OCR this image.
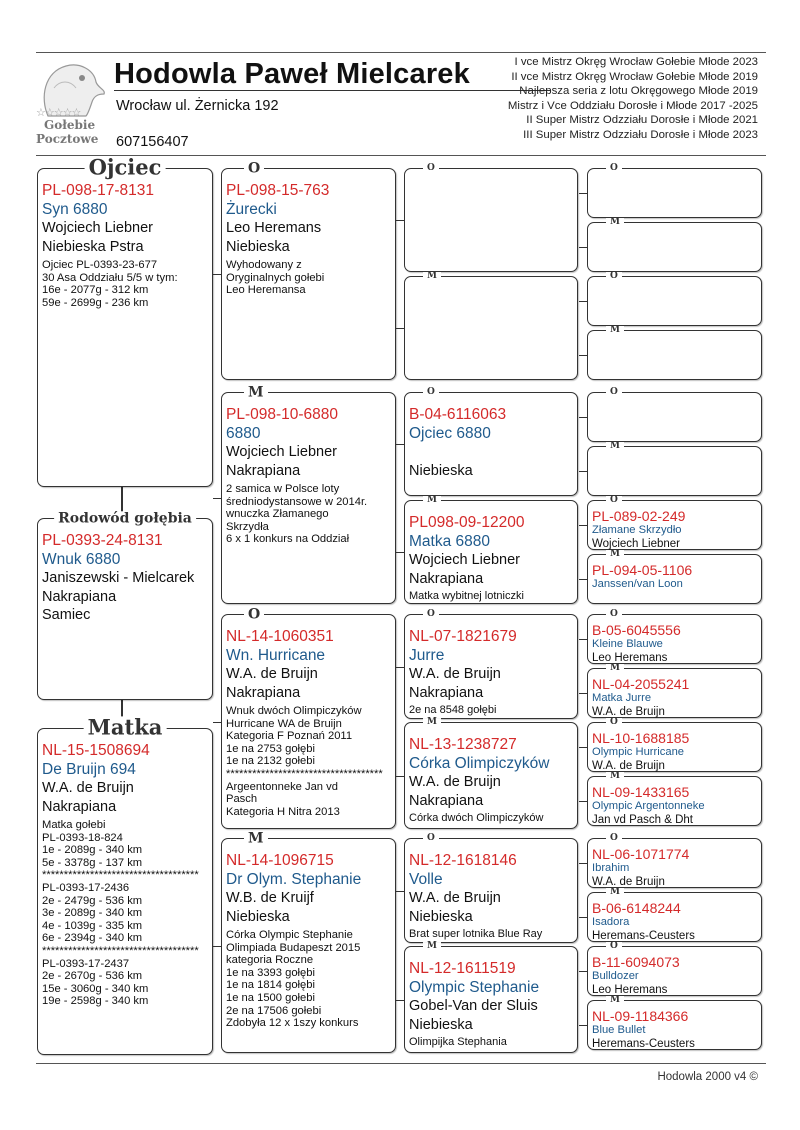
☆☆☆☆☆
Gołebie
Pocztowe
Hodowla Paweł Mielcarek
Wrocław ul. Żernicka 192
607156407
I vce Mistrz Okręg Wrocław Gołebie Młode 2023
II vce Mistrz Okręg Wrocław Gołebie Młode 2019
Najlepsza seria z lotu Okręgowego Młode 2019
Mistrz i Vce Oddziału Dorosłe i Młode 2017 -2025
II Super Mistrz Odzziału Dorosłe i Młode 2021
III Super Mistrz Odzziału Dorosłe i Młode 2023
Ojciec
PL-098-17-8131
Syn 6880
Wojciech Liebner
Niebieska Pstra
Ojciec PL-0393-23-677
30 Asa Oddziału 5/5 w tym:
16e - 2077g - 312 km
59e - 2699g - 236 km
Rodowód gołębia
PL-0393-24-8131
Wnuk 6880
Janiszewski - Mielcarek
Nakrapiana
Samiec
Matka
NL-15-1508694
De Bruijn 694
W.A. de Bruijn
Nakrapiana
Matka gołebi
PL-0393-18-824
1e - 2089g - 340 km
5e - 3378g - 137 km
************************************
PL-0393-17-2436
2e - 2479g - 536 km
3e - 2089g - 340 km
4e - 1039g - 335 km
6e - 2394g - 340 km
************************************
PL-0393-17-2437
2e - 2670g - 536 km
15e - 3060g - 340 km
19e - 2598g - 340 km
O
PL-098-15-763
Żurecki
Leo Heremans
Niebieska
Wyhodowany z
Oryginalnych gołebi
Leo Heremansa
M
PL-098-10-6880
6880
Wojciech Liebner
Nakrapiana
2 samica w Polsce loty
średniodystansowe w 2014r.
wnuczka Złamanego
Skrzydła
6 x 1 konkurs na Oddział
O
NL-14-1060351
Wn. Hurricane
W.A. de Bruijn
Nakrapiana
Wnuk dwóch Olimpiczyków
Hurricane WA de Bruijn
Kategoria F Poznań 2011
1e na 2753 gołębi
1e na 2132 gołebi
************************************
Argeentonneke Jan vd
Pasch
Kategoria H Nitra 2013
M
NL-14-1096715
Dr Olym. Stephanie
W.B. de Kruijf
Niebieska
Córka Olympic Stephanie
Olimpiada Budapeszt 2015
kategoria Roczne
1e na 3393 gołębi
1e na 1814 gołębi
1e na 1500 gołebi
2e na 17506 gołebi
Zdobyła 12 x 1szy konkurs
O
M
O
B-04-6116063
Ojciec 6880
Niebieska
M
PL098-09-12200
Matka 6880
Wojciech Liebner
Nakrapiana
Matka wybitnej lotniczki
O
NL-07-1821679
Jurre
W.A. de Bruijn
Nakrapiana
2e na 8548 gołębi
M
NL-13-1238727
Córka Olimpiczyków
W.A. de Bruijn
Nakrapiana
Córka dwóch Olimpiczyków
O
NL-12-1618146
Volle
W.A. de Bruijn
Niebieska
Brat super lotnika Blue Ray
M
NL-12-1611519
Olympic Stephanie
Gobel-Van der Sluis
Niebieska
Olimpijka Stephania
O
M
O
M
O
M
O
PL-089-02-249
Złamane Skrzydło
Wojciech Liebner
M
PL-094-05-1106
Janssen/van Loon
O
B-05-6045556
Kleine Blauwe
Leo Heremans
M
NL-04-2055241
Matka Jurre
W.A. de Bruijn
O
NL-10-1688185
Olympic Hurricane
W.A. de Bruijn
M
NL-09-1433165
Olympic Argentonneke
Jan vd Pasch & Dht
O
NL-06-1071774
Ibrahim
W.A. de Bruijn
M
B-06-6148244
Isadora
Heremans-Ceusters
O
B-11-6094073
Bulldozer
Leo Heremans
M
NL-09-1184366
Blue Bullet
Heremans-Ceusters
Hodowla 2000 v4 ©
